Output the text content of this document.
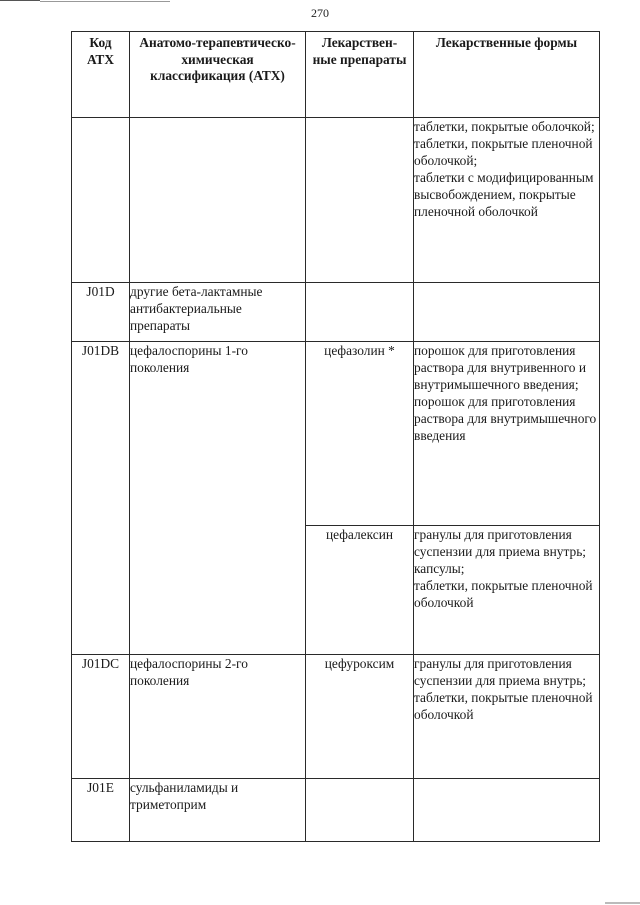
270
Код АТХ	Анатомо-терапевтическо-химическая классификация (АТХ)	Лекарствен-ные препараты	Лекарственные формы

			таблетки, покрытые оболочкой;
таблетки, покрытые пленочной оболочкой;
таблетки с модифицированным высвобождением, покрытые пленочной оболочкой

J01D	другие бета-лактамные антибактериальные препараты		
J01DB	цефалоспорины 1-го поколения	цефазолин *	порошок для приготовления раствора для внутривенного и внутримышечного введения;
порошок для приготовления раствора для внутримышечного введения

		цефалексин	гранулы для приготовления суспензии для приема внутрь;
капсулы;
таблетки, покрытые пленочной оболочкой

J01DC	цефалоспорины 2-го поколения	цефуроксим	гранулы для приготовления суспензии для приема внутрь;
таблетки, покрытые пленочной оболочкой

J01E	сульфаниламиды и триметоприм		
